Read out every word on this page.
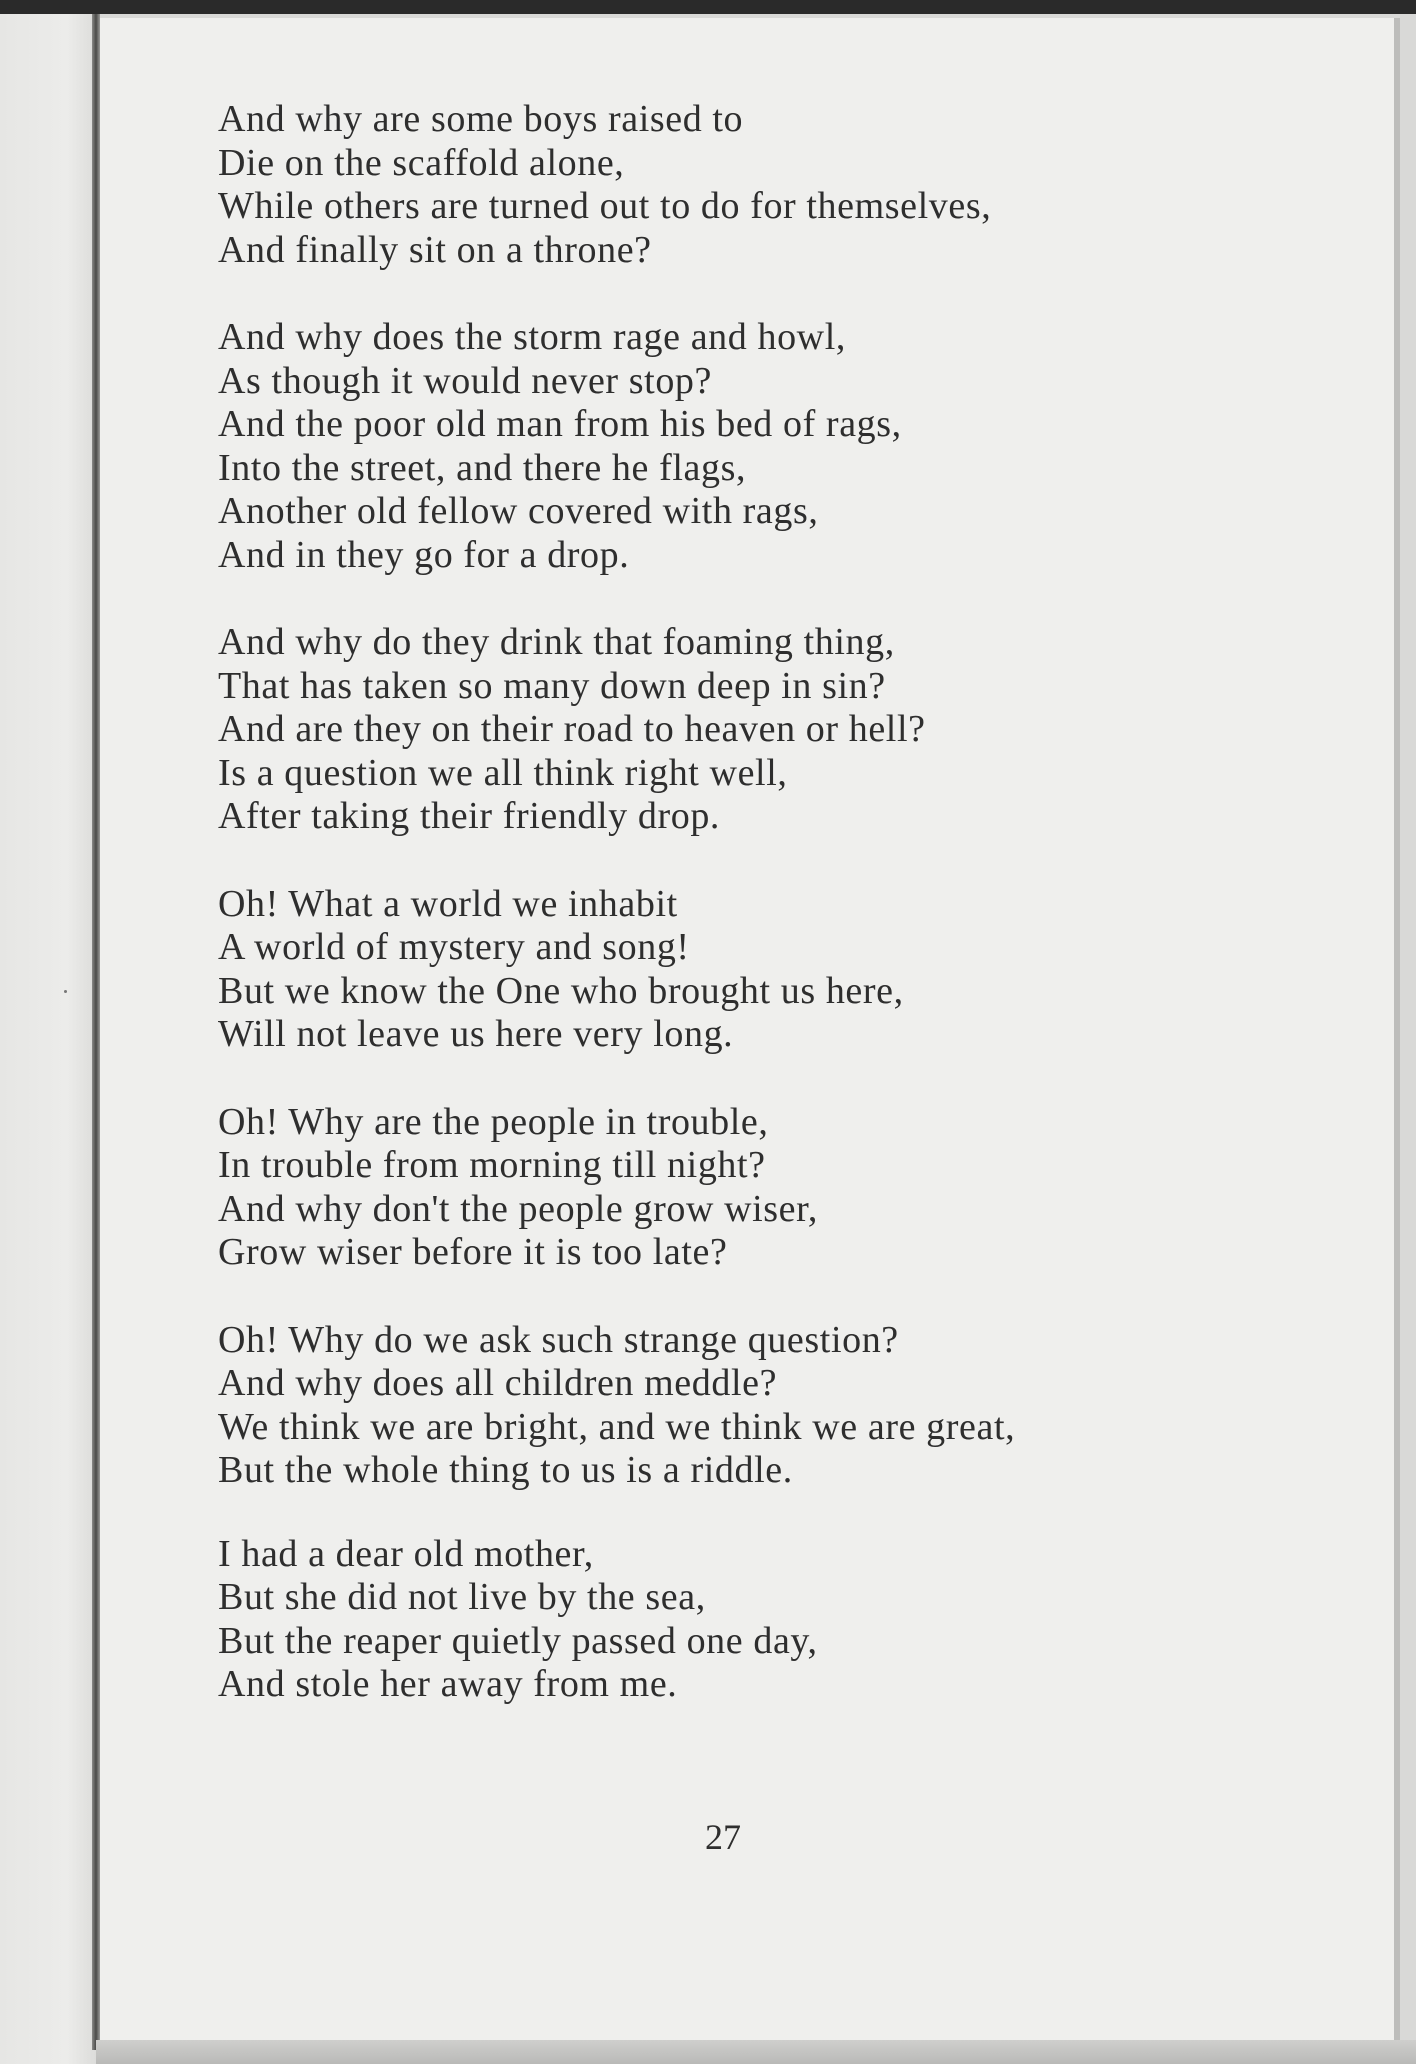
And why are some boys raised to
Die on the scaffold alone,
While others are turned out to do for themselves,
And finally sit on a throne?
And why does the storm rage and howl,
As though it would never stop?
And the poor old man from his bed of rags,
Into the street, and there he flags,
Another old fellow covered with rags,
And in they go for a drop.
And why do they drink that foaming thing,
That has taken so many down deep in sin?
And are they on their road to heaven or hell?
Is a question we all think right well,
After taking their friendly drop.
Oh! What a world we inhabit
A world of mystery and song!
But we know the One who brought us here,
Will not leave us here very long.
Oh! Why are the people in trouble,
In trouble from morning till night?
And why don't the people grow wiser,
Grow wiser before it is too late?
Oh! Why do we ask such strange question?
And why does all children meddle?
We think we are bright, and we think we are great,
But the whole thing to us is a riddle.
I had a dear old mother,
But she did not live by the sea,
But the reaper quietly passed one day,
And stole her away from me.
27
